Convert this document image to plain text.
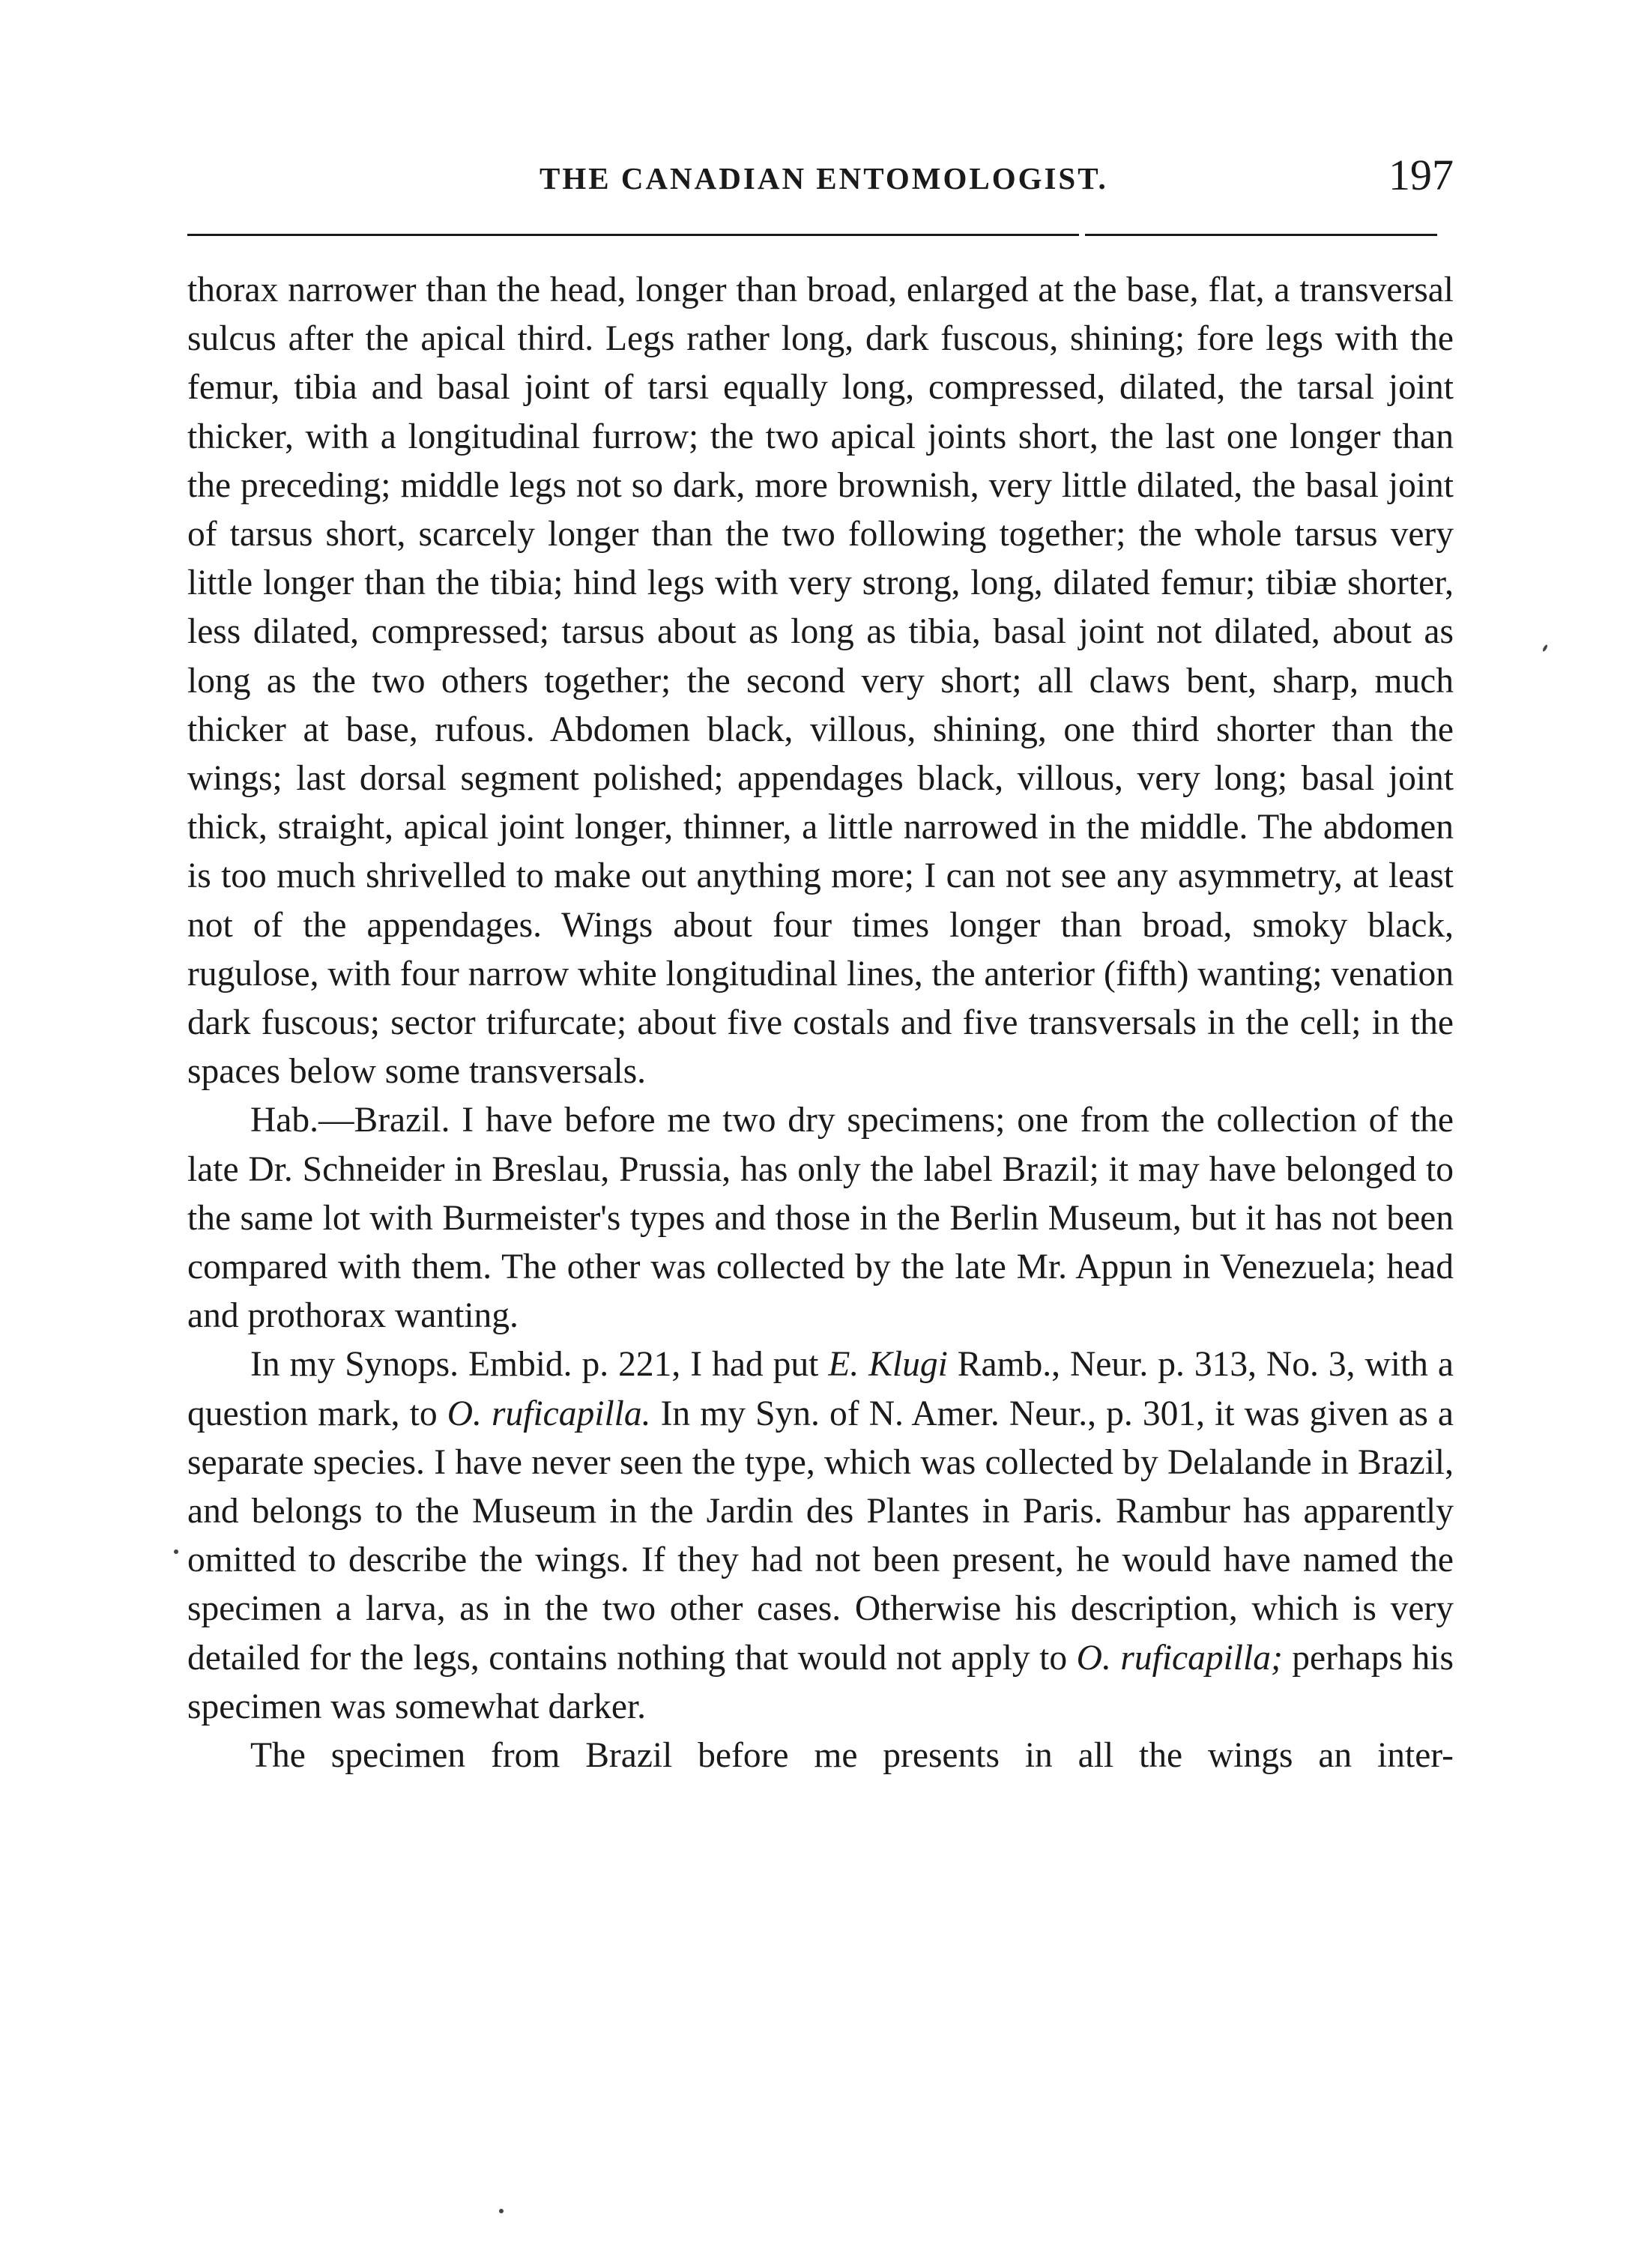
THE CANADIAN ENTOMOLOGIST.	197

thorax narrower than the head, longer than broad, enlarged at the base, flat, a transversal sulcus after the apical third. Legs rather long, dark fuscous, shining; fore legs with the femur, tibia and basal joint of tarsi equally long, compressed, dilated, the tarsal joint thicker, with a longitudinal furrow; the two apical joints short, the last one longer than the preceding; middle legs not so dark, more brownish, very little dilated, the basal joint of tarsus short, scarcely longer than the two following together; the whole tarsus very little longer than the tibia; hind legs with very strong, long, dilated femur; tibiæ shorter, less dilated, compressed; tarsus about as long as tibia, basal joint not dilated, about as long as the two others together; the second very short; all claws bent, sharp, much thicker at base, rufous. Abdomen black, villous, shining, one third shorter than the wings; last dorsal segment polished; appendages black, villous, very long; basal joint thick, straight, apical joint longer, thinner, a little narrowed in the middle. The abdomen is too much shrivelled to make out anything more; I can not see any asymmetry, at least not of the appendages. Wings about four times longer than broad, smoky black, rugulose, with four narrow white longitudinal lines, the anterior (fifth) wanting; venation dark fuscous; sector trifurcate; about five costals and five transversals in the cell; in the spaces below some transversals.

Hab.—Brazil. I have before me two dry specimens; one from the collection of the late Dr. Schneider in Breslau, Prussia, has only the label Brazil; it may have belonged to the same lot with Burmeister's types and those in the Berlin Museum, but it has not been compared with them. The other was collected by the late Mr. Appun in Venezuela; head and prothorax wanting.

In my Synops. Embid. p. 221, I had put E. Klugi Ramb., Neur. p. 313, No. 3, with a question mark, to O. ruficapilla. In my Syn. of N. Amer. Neur., p. 301, it was given as a separate species. I have never seen the type, which was collected by Delalande in Brazil, and belongs to the Museum in the Jardin des Plantes in Paris. Rambur has apparently omitted to describe the wings. If they had not been present, he would have named the specimen a larva, as in the two other cases. Otherwise his description, which is very detailed for the legs, contains nothing that would not apply to O. ruficapilla; perhaps his specimen was somewhat darker.

The specimen from Brazil before me presents in all the wings an inter-
